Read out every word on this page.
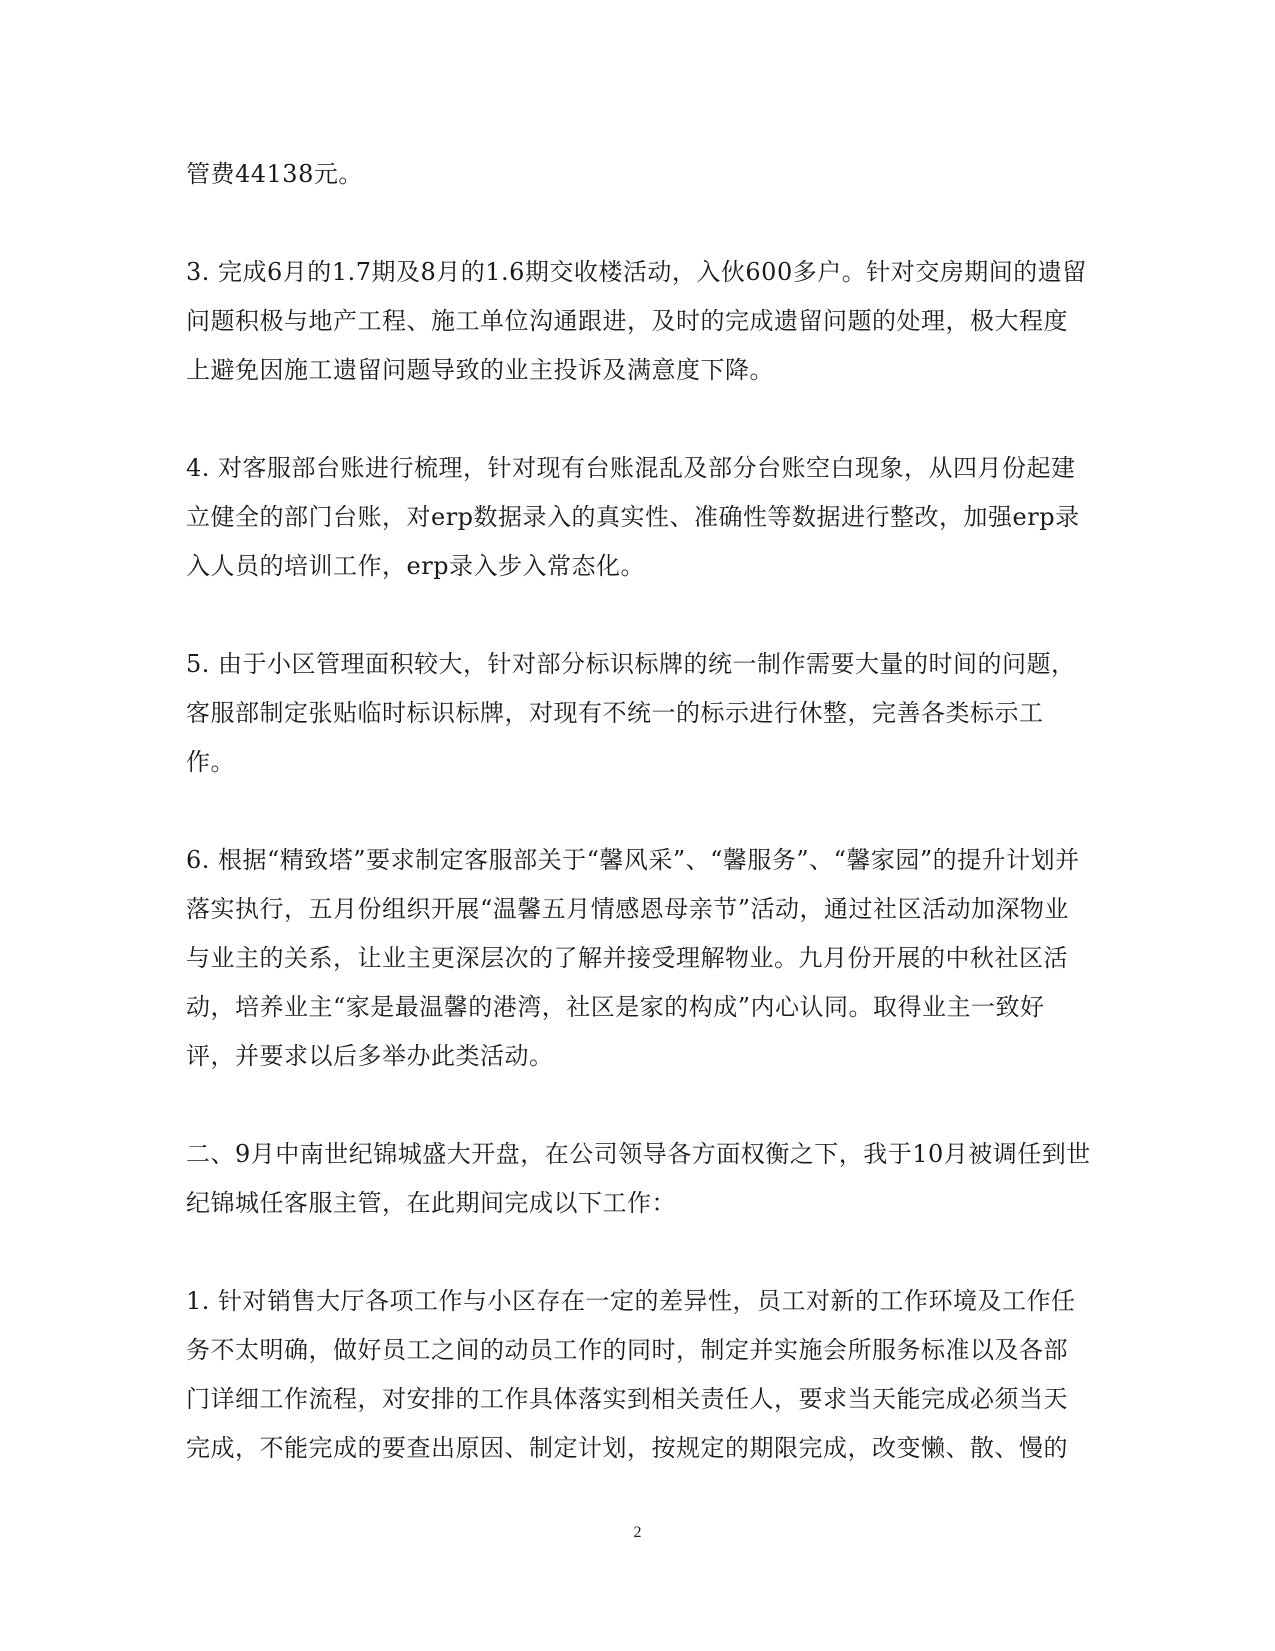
管费44138元。

3. 完成6月的1.7期及8月的1.6期交收楼活动，入伙600多户。针对交房期间的遗留问题积极与地产工程、施工单位沟通跟进，及时的完成遗留问题的处理，极大程度上避免因施工遗留问题导致的业主投诉及满意度下降。

4. 对客服部台账进行梳理，针对现有台账混乱及部分台账空白现象，从四月份起建立健全的部门台账，对erp数据录入的真实性、准确性等数据进行整改，加强erp录入人员的培训工作，erp录入步入常态化。

5. 由于小区管理面积较大，针对部分标识标牌的统一制作需要大量的时间的问题，客服部制定张贴临时标识标牌，对现有不统一的标示进行休整，完善各类标示工作。

6. 根据“精致塔”要求制定客服部关于“馨风采”、“馨服务”、“馨家园”的提升计划并落实执行，五月份组织开展“温馨五月情感恩母亲节”活动，通过社区活动加深物业与业主的关系，让业主更深层次的了解并接受理解物业。九月份开展的中秋社区活动，培养业主“家是最温馨的港湾，社区是家的构成”内心认同。取得业主一致好评，并要求以后多举办此类活动。

二、9月中南世纪锦城盛大开盘，在公司领导各方面权衡之下，我于10月被调任到世纪锦城任客服主管，在此期间完成以下工作：

1. 针对销售大厅各项工作与小区存在一定的差异性，员工对新的工作环境及工作任务不太明确，做好员工之间的动员工作的同时，制定并实施会所服务标准以及各部门详细工作流程，对安排的工作具体落实到相关责任人，要求当天能完成必须当天完成，不能完成的要查出原因、制定计划，按规定的期限完成，改变懒、散、慢的

2
